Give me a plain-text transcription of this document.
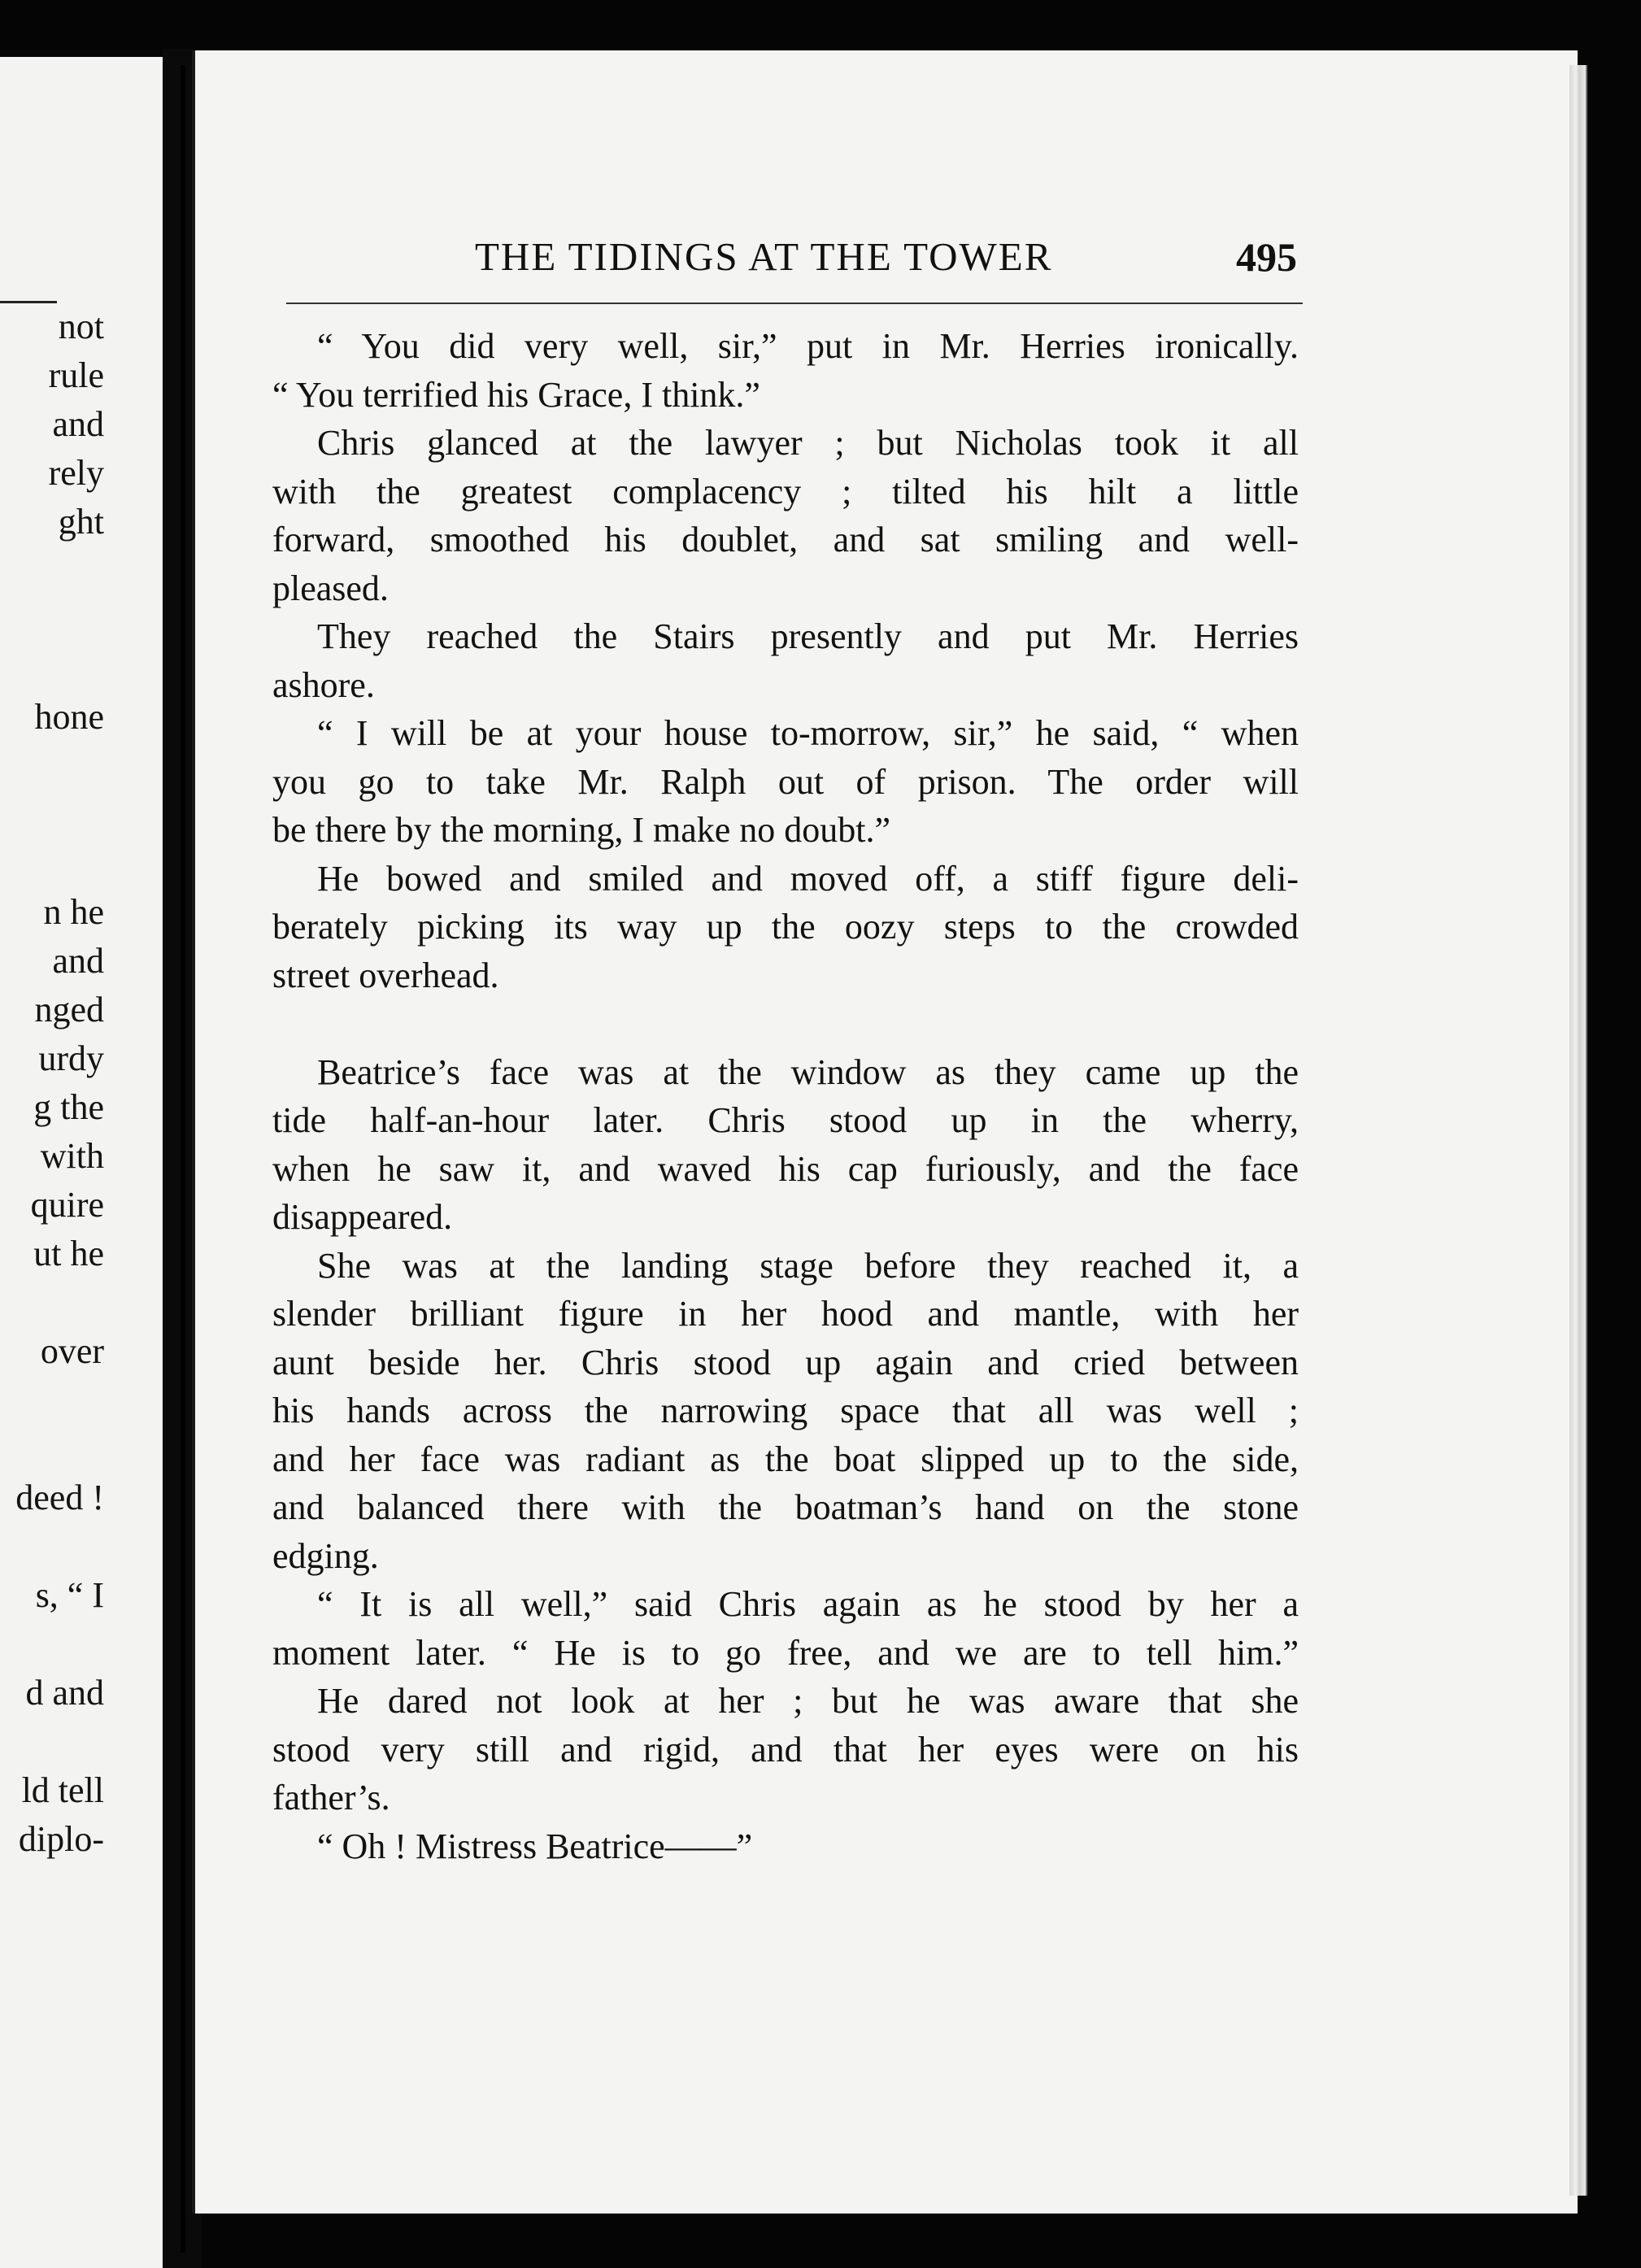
not
rule
and
rely
ght
hone
n he
and
nged
urdy
g the
with
quire
ut he
over
deed !
s, “ I
d and
ld tell
diplo-
THE TIDINGS AT THE TOWER	495
“ You did very well, sir,” put in Mr. Herries ironically.
“ You terrified his Grace, I think.”
Chris glanced at the lawyer ; but Nicholas took it all
with the greatest complacency ; tilted his hilt a little
forward, smoothed his doublet, and sat smiling and well-
pleased.
They reached the Stairs presently and put Mr. Herries
ashore.
“ I will be at your house to-morrow, sir,” he said, “ when
you go to take Mr. Ralph out of prison. The order will
be there by the morning, I make no doubt.”
He bowed and smiled and moved off, a stiff figure deli-
berately picking its way up the oozy steps to the crowded
street overhead.
Beatrice’s face was at the window as they came up the
tide half-an-hour later. Chris stood up in the wherry,
when he saw it, and waved his cap furiously, and the face
disappeared.
She was at the landing stage before they reached it, a
slender brilliant figure in her hood and mantle, with her
aunt beside her. Chris stood up again and cried between
his hands across the narrowing space that all was well ;
and her face was radiant as the boat slipped up to the side,
and balanced there with the boatman’s hand on the stone
edging.
“ It is all well,” said Chris again as he stood by her a
moment later. “ He is to go free, and we are to tell him.”
He dared not look at her ; but he was aware that she
stood very still and rigid, and that her eyes were on his
father’s.
“ Oh ! Mistress Beatrice——”
